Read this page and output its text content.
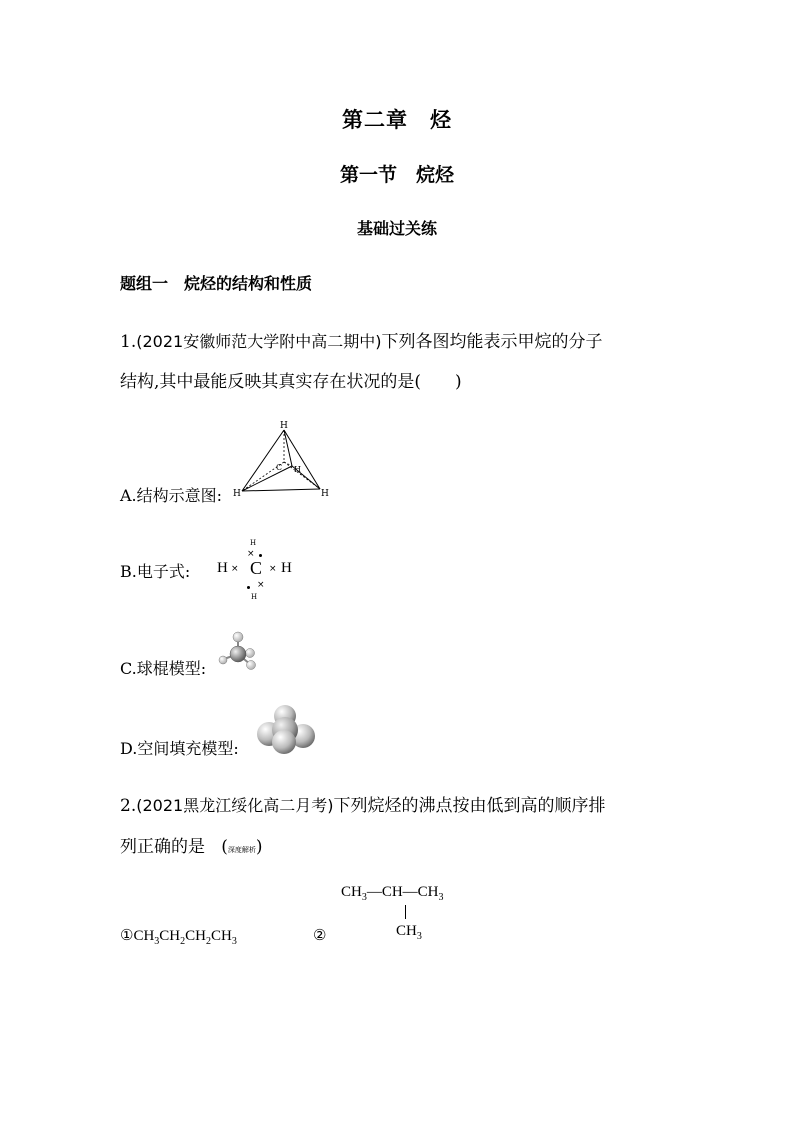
第二章　烃
第一节　烷烃
基础过关练
题组一　烷烃的结构和性质
1.(2021安徽师范大学附中高二期中)下列各图均能表示甲烷的分子
结构,其中最能反映其真实存在状况的是(　　)
A.结构示意图:
H
H	H
C H
B.电子式:
H
×
H × C × H
×
H
C.球棍模型:
D.空间填充模型:
2.(2021黑龙江绥化高二月考)下列烷烃的沸点按由低到高的顺序排
列正确的是   (深度解析)
$①CH_3CH_2CH_2CH_3$	②
$CH_3—CH—CH_3$
$CH_3$
